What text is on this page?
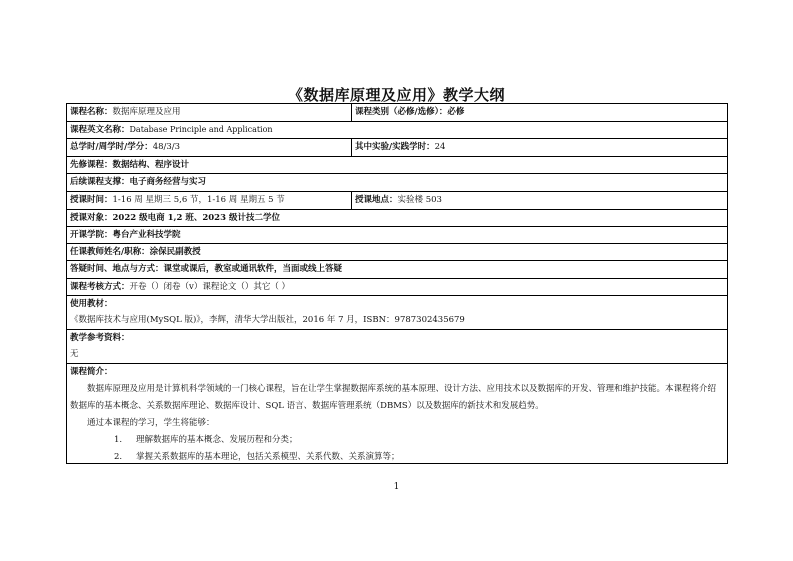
《数据库原理及应用》教学大纲
课程名称：数据库原理及应用	课程类别（必修/选修）：必修
课程英文名称：Database Principle and Application
总学时/周学时/学分：48/3/3	其中实验/实践学时：24
先修课程：数据结构、程序设计
后续课程支撑：电子商务经营与实习
授课时间：1-16 周 星期三 5,6 节，1-16 周 星期五 5 节	授课地点：实验楼 503
授课对象：2022 级电商 1,2 班、2023 级计技二学位
开课学院：粤台产业科技学院
任课教师姓名/职称：涂保民副教授
答疑时间、地点与方式：课堂或课后，教室或通讯软件，当面或线上答疑
课程考核方式：开卷（）闭卷（v）课程论文（）其它（ ）
使用教材：
《数据库技术与应用(MySQL 版)》，李辉，清华大学出版社，2016 年 7 月，ISBN：9787302435679
教学参考资料：
无
课程简介：
数据库原理及应用是计算机科学领域的一门核心课程，旨在让学生掌握数据库系统的基本原理、设计方法、应用技术以及数据库的开发、管理和维护技能。本课程将介绍数据库的基本概念、关系数据库理论、数据库设计、SQL 语言、数据库管理系统（DBMS）以及数据库的新技术和发展趋势。
通过本课程的学习，学生将能够：
1. 理解数据库的基本概念、发展历程和分类；
2. 掌握关系数据库的基本理论，包括关系模型、关系代数、关系演算等；
1
